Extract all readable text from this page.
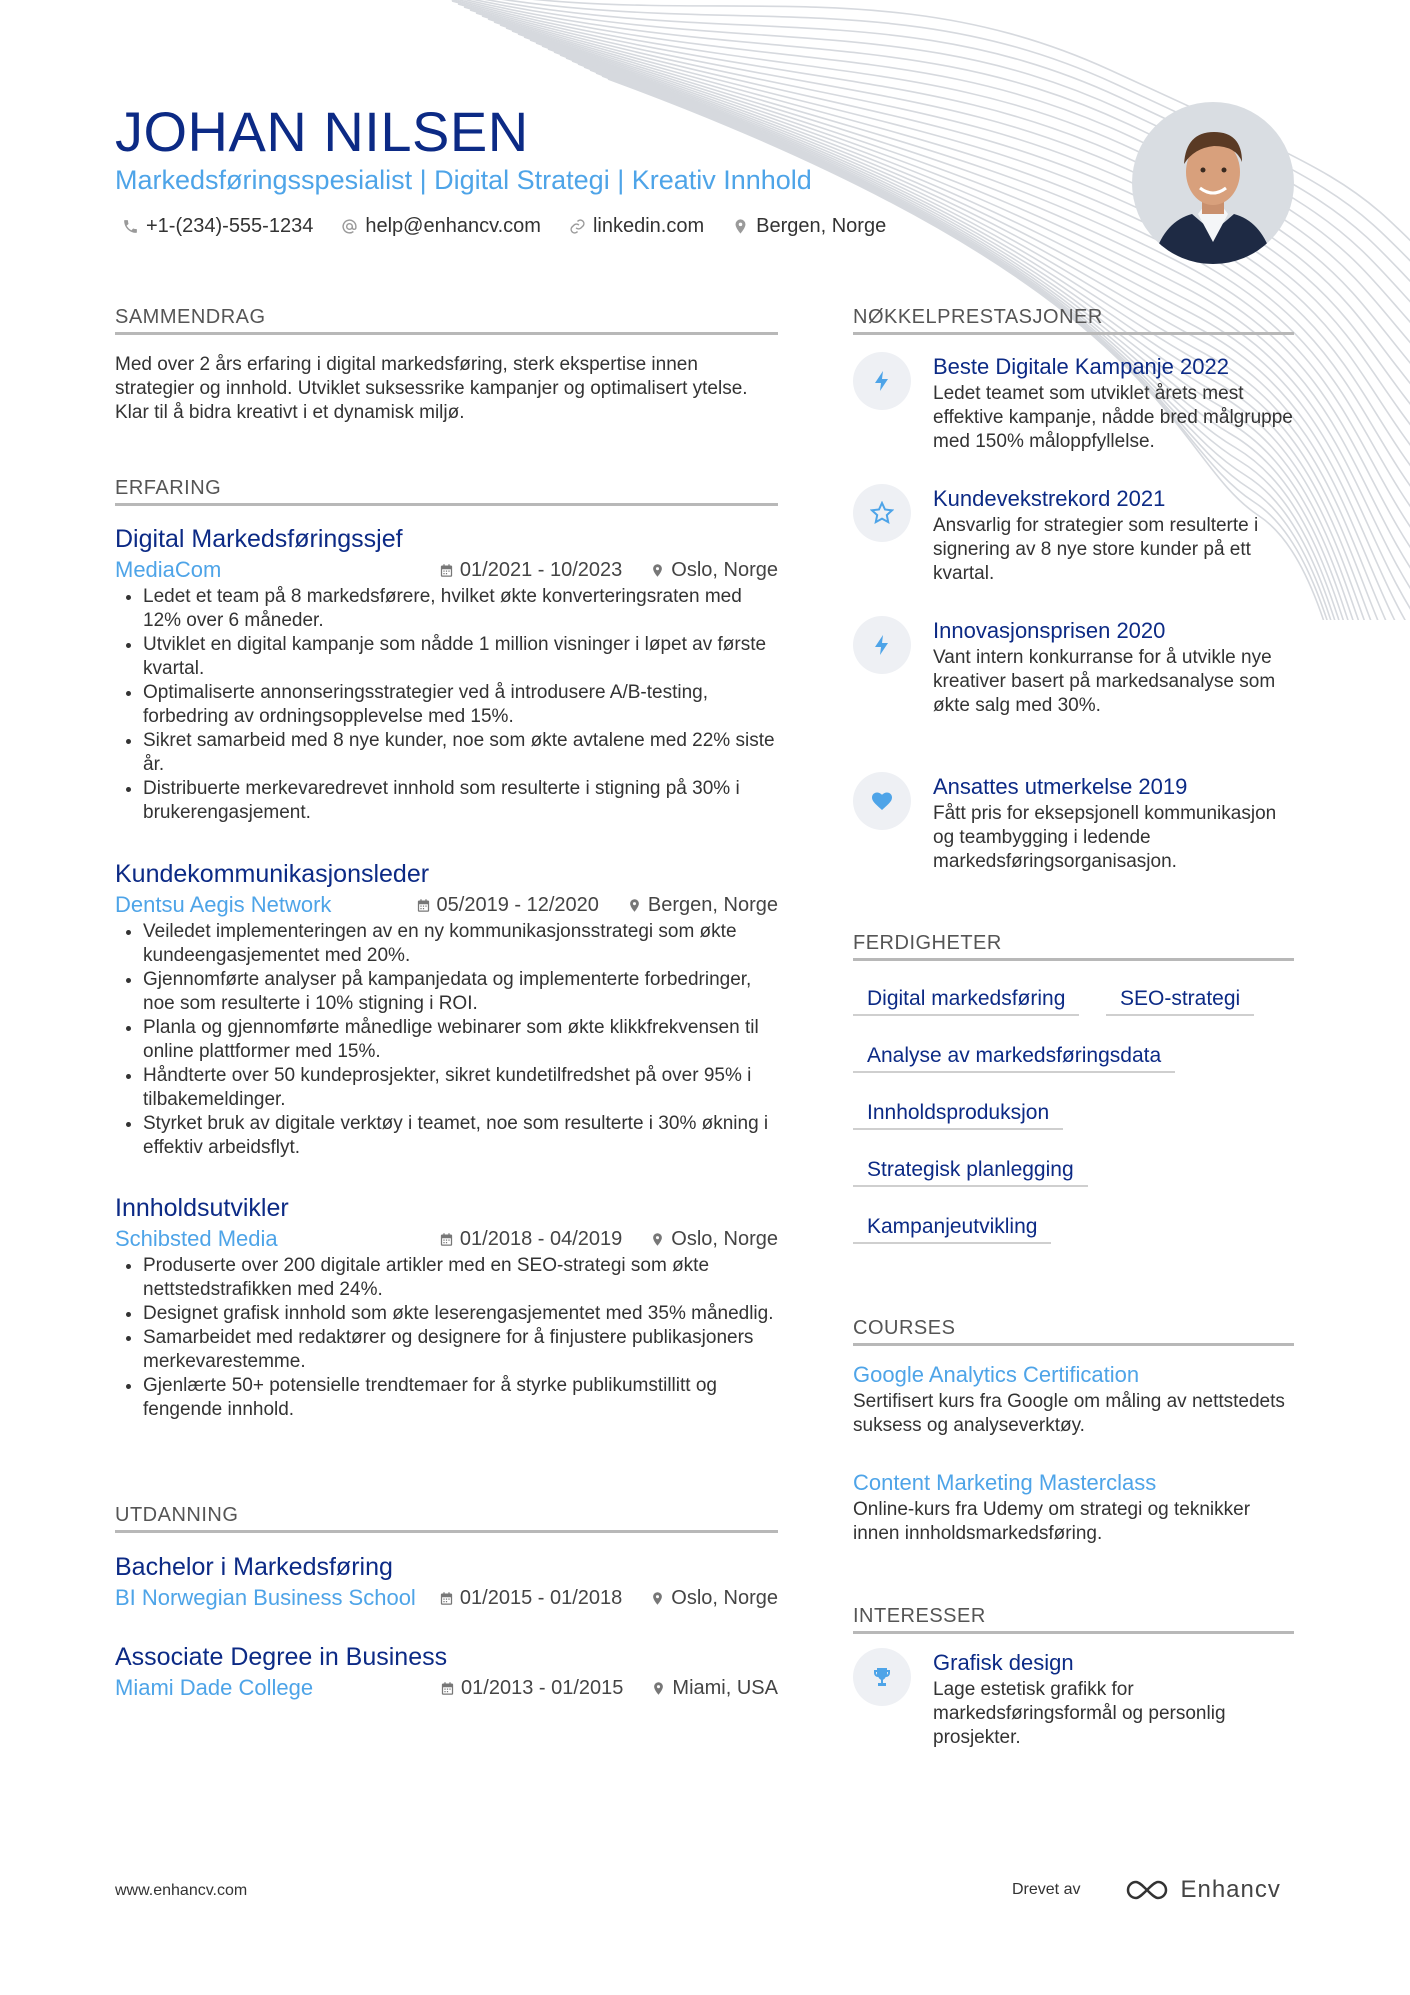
JOHAN NILSEN
Markedsføringsspesialist | Digital Strategi | Kreativ Innhold
+1-(234)-555-1234	help@enhancv.com	linkedin.com	Bergen, Norge
SAMMENDRAG
Med over 2 års erfaring i digital markedsføring, sterk ekspertise innen strategier og innhold. Utviklet suksessrike kampanjer og optimalisert ytelse. Klar til å bidra kreativt i et dynamisk miljø.
ERFARING
Digital Markedsføringssjef
MediaCom	01/2021 - 10/2023 Oslo, Norge
• Ledet et team på 8 markedsførere, hvilket økte konverteringsraten med 12% over 6 måneder.
• Utviklet en digital kampanje som nådde 1 million visninger i løpet av første kvartal.
• Optimaliserte annonseringsstrategier ved å introdusere A/B-testing, forbedring av ordningsopplevelse med 15%.
• Sikret samarbeid med 8 nye kunder, noe som økte avtalene med 22% siste år.
• Distribuerte merkevaredrevet innhold som resulterte i stigning på 30% i brukerengasjement.
Kundekommunikasjonsleder
Dentsu Aegis Network	05/2019 - 12/2020 Bergen, Norge
• Veiledet implementeringen av en ny kommunikasjonsstrategi som økte kundeengasjementet med 20%.
• Gjennomførte analyser på kampanjedata og implementerte forbedringer, noe som resulterte i 10% stigning i ROI.
• Planla og gjennomførte månedlige webinarer som økte klikkfrekvensen til online plattformer med 15%.
• Håndterte over 50 kundeprosjekter, sikret kundetilfredshet på over 95% i tilbakemeldinger.
• Styrket bruk av digitale verktøy i teamet, noe som resulterte i 30% økning i effektiv arbeidsflyt.
Innholdsutvikler
Schibsted Media	01/2018 - 04/2019 Oslo, Norge
• Produserte over 200 digitale artikler med en SEO-strategi som økte nettstedstrafikken med 24%.
• Designet grafisk innhold som økte leserengasjementet med 35% månedlig.
• Samarbeidet med redaktører og designere for å finjustere publikasjoners merkevarestemme.
• Gjenlærte 50+ potensielle trendtemaer for å styrke publikumstillitt og fengende innhold.
UTDANNING
Bachelor i Markedsføring
BI Norwegian Business School 01/2015 - 01/2018 Oslo, Norge
Associate Degree in Business
Miami Dade College	01/2013 - 01/2015 Miami, USA
NØKKELPRESTASJONER
Beste Digitale Kampanje 2022
Ledet teamet som utviklet årets mest effektive kampanje, nådde bred målgruppe med 150% måloppfyllelse.
Kundevekstrekord 2021
Ansvarlig for strategier som resulterte i signering av 8 nye store kunder på ett kvartal.
Innovasjonsprisen 2020
Vant intern konkurranse for å utvikle nye kreativer basert på markedsanalyse som økte salg med 30%.
Ansattes utmerkelse 2019
Fått pris for eksepsjonell kommunikasjon og teambygging i ledende markedsføringsorganisasjon.
FERDIGHETER
Digital markedsføring	SEO-strategi
Analyse av markedsføringsdata
Innholdsproduksjon
Strategisk planlegging
Kampanjeutvikling
COURSES
Google Analytics Certification
Sertifisert kurs fra Google om måling av nettstedets suksess og analyseverktøy.
Content Marketing Masterclass
Online-kurs fra Udemy om strategi og teknikker innen innholdsmarkedsføring.
INTERESSER
Grafisk design
Lage estetisk grafikk for markedsføringsformål og personlig prosjekter.
www.enhancv.com	Drevet av	Enhancv
